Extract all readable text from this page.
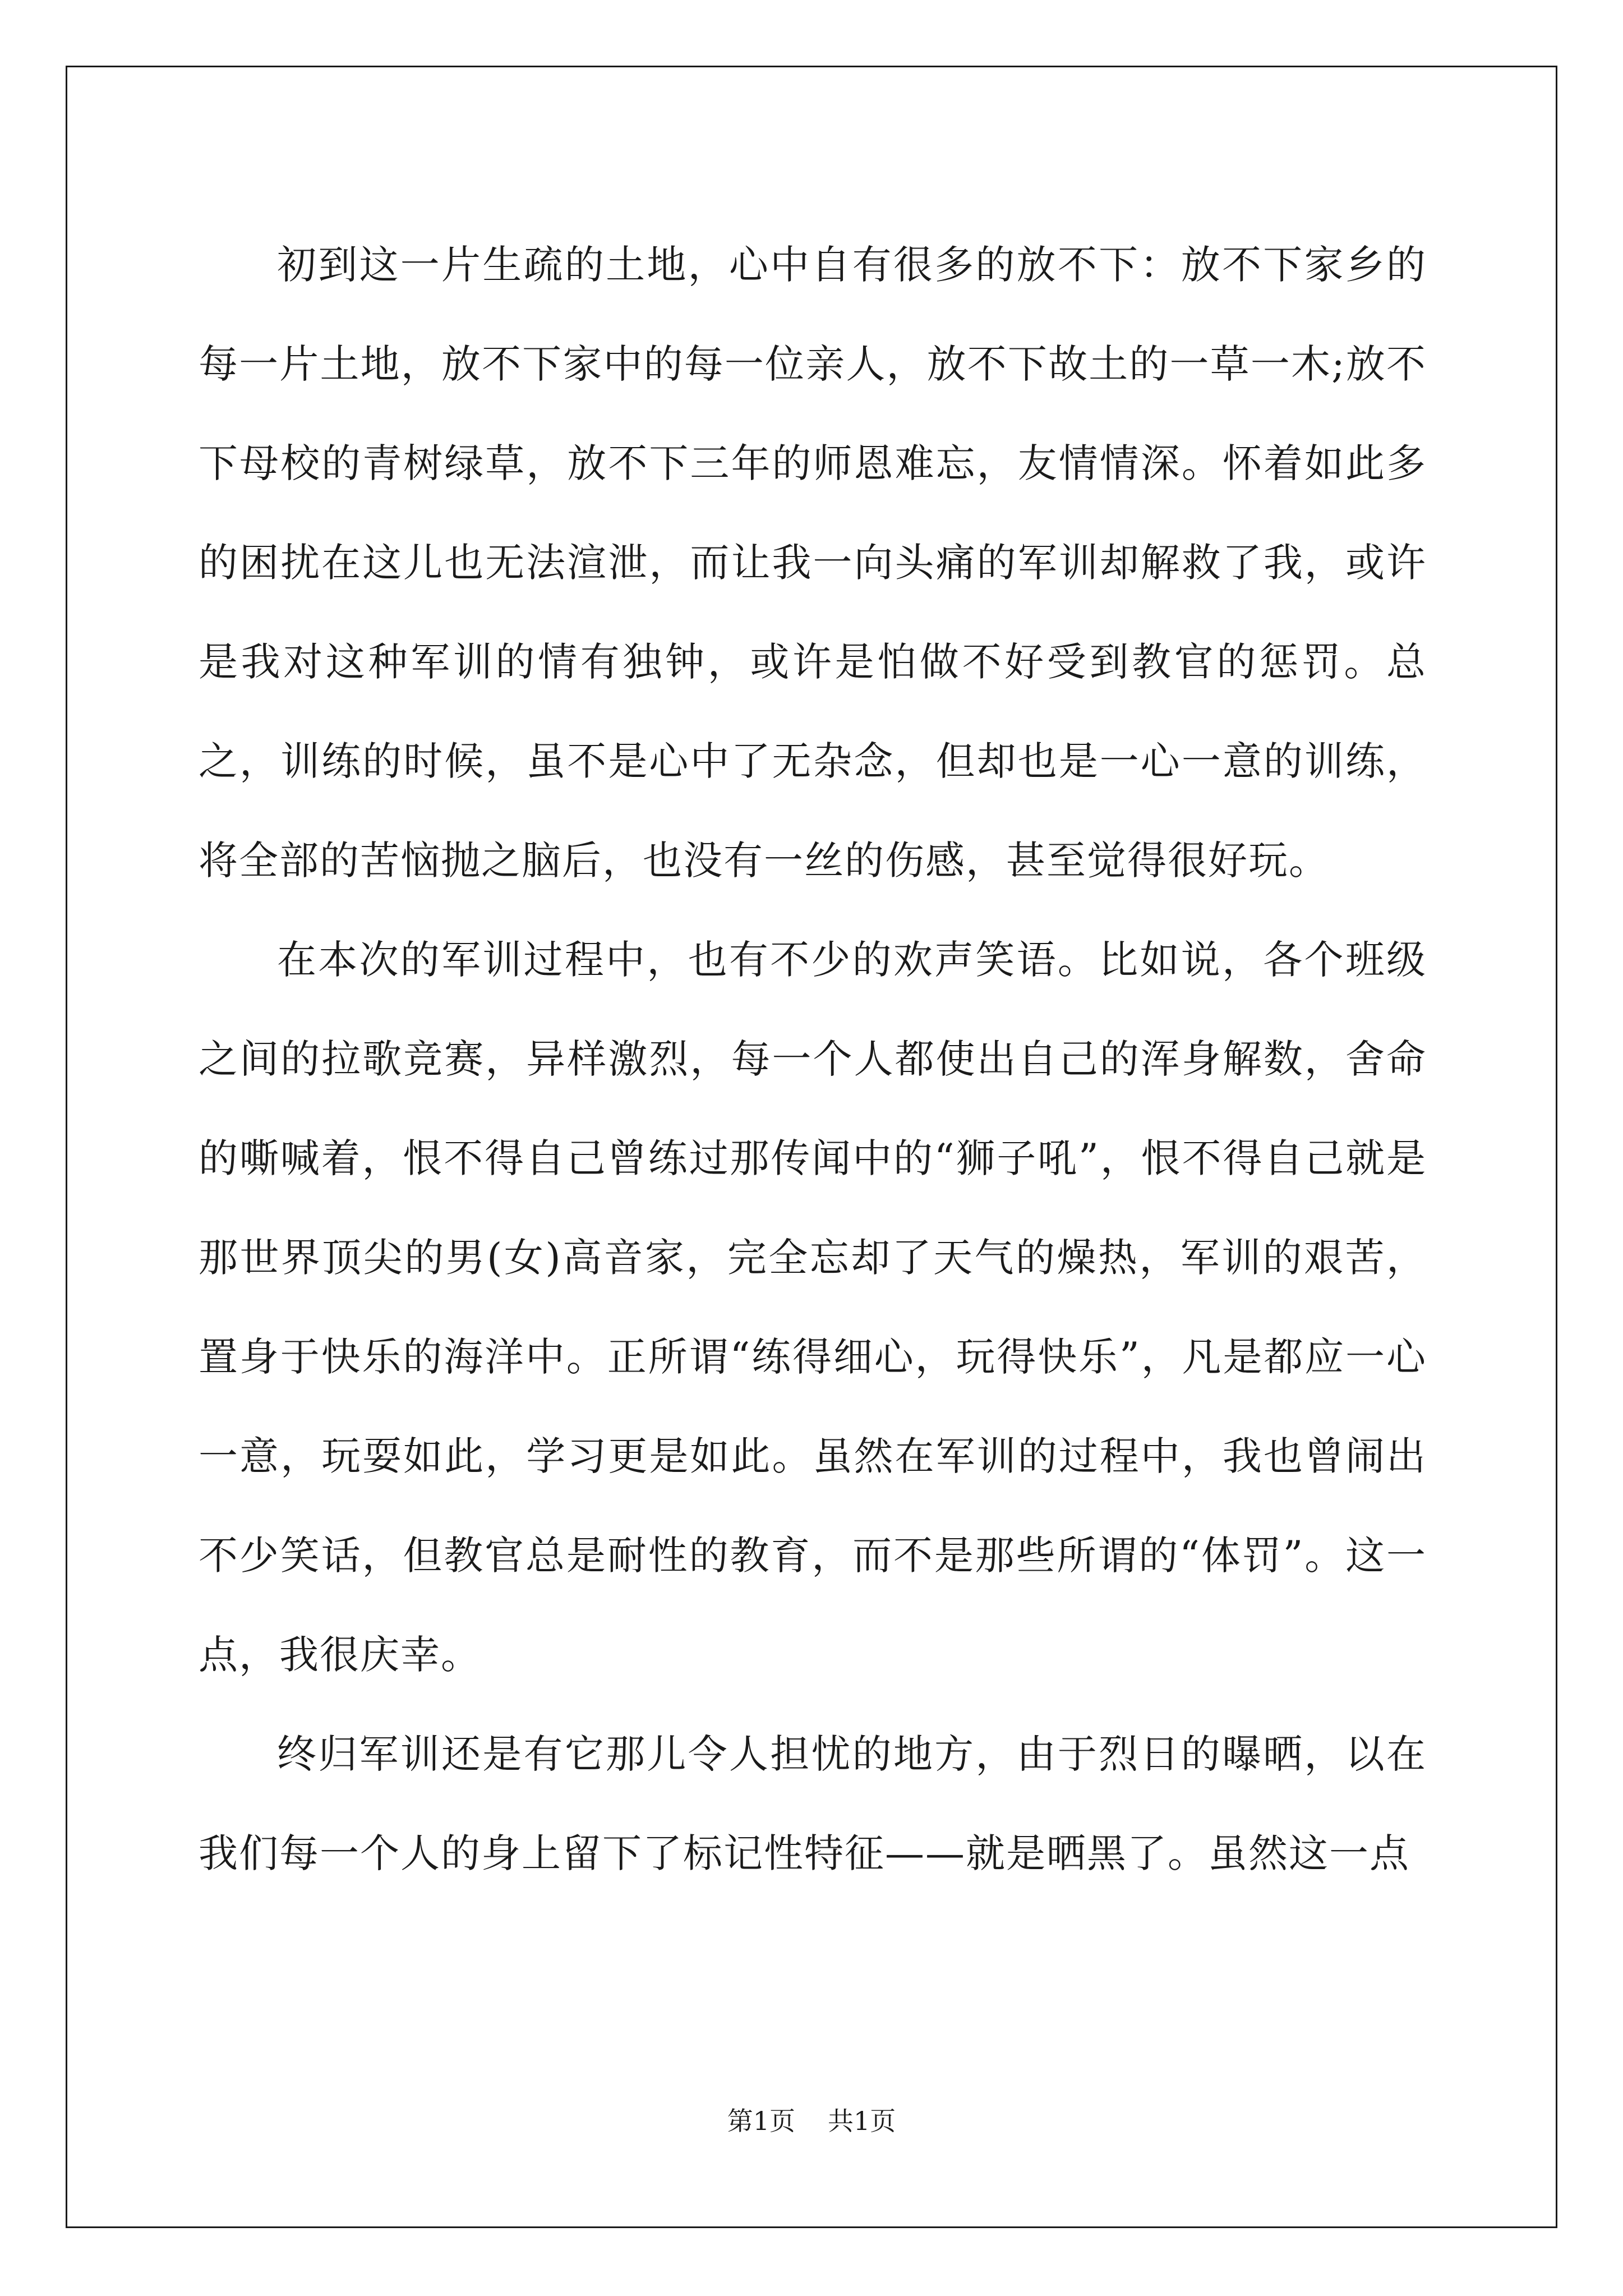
初到这一片生疏的土地，心中自有很多的放不下：放不下家乡的每一片土地，放不下家中的每一位亲人，放不下故土的一草一木;放不下母校的青树绿草，放不下三年的师恩难忘，友情情深。怀着如此多的困扰在这儿也无法渲泄，而让我一向头痛的军训却解救了我，或许是我对这种军训的情有独钟，或许是怕做不好受到教官的惩罚。总之，训练的时候，虽不是心中了无杂念，但却也是一心一意的训练，将全部的苦恼抛之脑后，也没有一丝的伤感，甚至觉得很好玩。

在本次的军训过程中，也有不少的欢声笑语。比如说，各个班级之间的拉歌竞赛，异样激烈，每一个人都使出自己的浑身解数，舍命的嘶喊着，恨不得自己曾练过那传闻中的“狮子吼”，恨不得自己就是那世界顶尖的男(女)高音家，完全忘却了天气的燥热，军训的艰苦，置身于快乐的海洋中。正所谓“练得细心，玩得快乐”，凡是都应一心一意，玩耍如此，学习更是如此。虽然在军训的过程中，我也曾闹出不少笑话，但教官总是耐性的教育，而不是那些所谓的“体罚”。这一点，我很庆幸。

终归军训还是有它那儿令人担忧的地方，由于烈日的曝晒，以在我们每一个人的身上留下了标记性特征——就是晒黑了。虽然这一点

第1页 共1页
